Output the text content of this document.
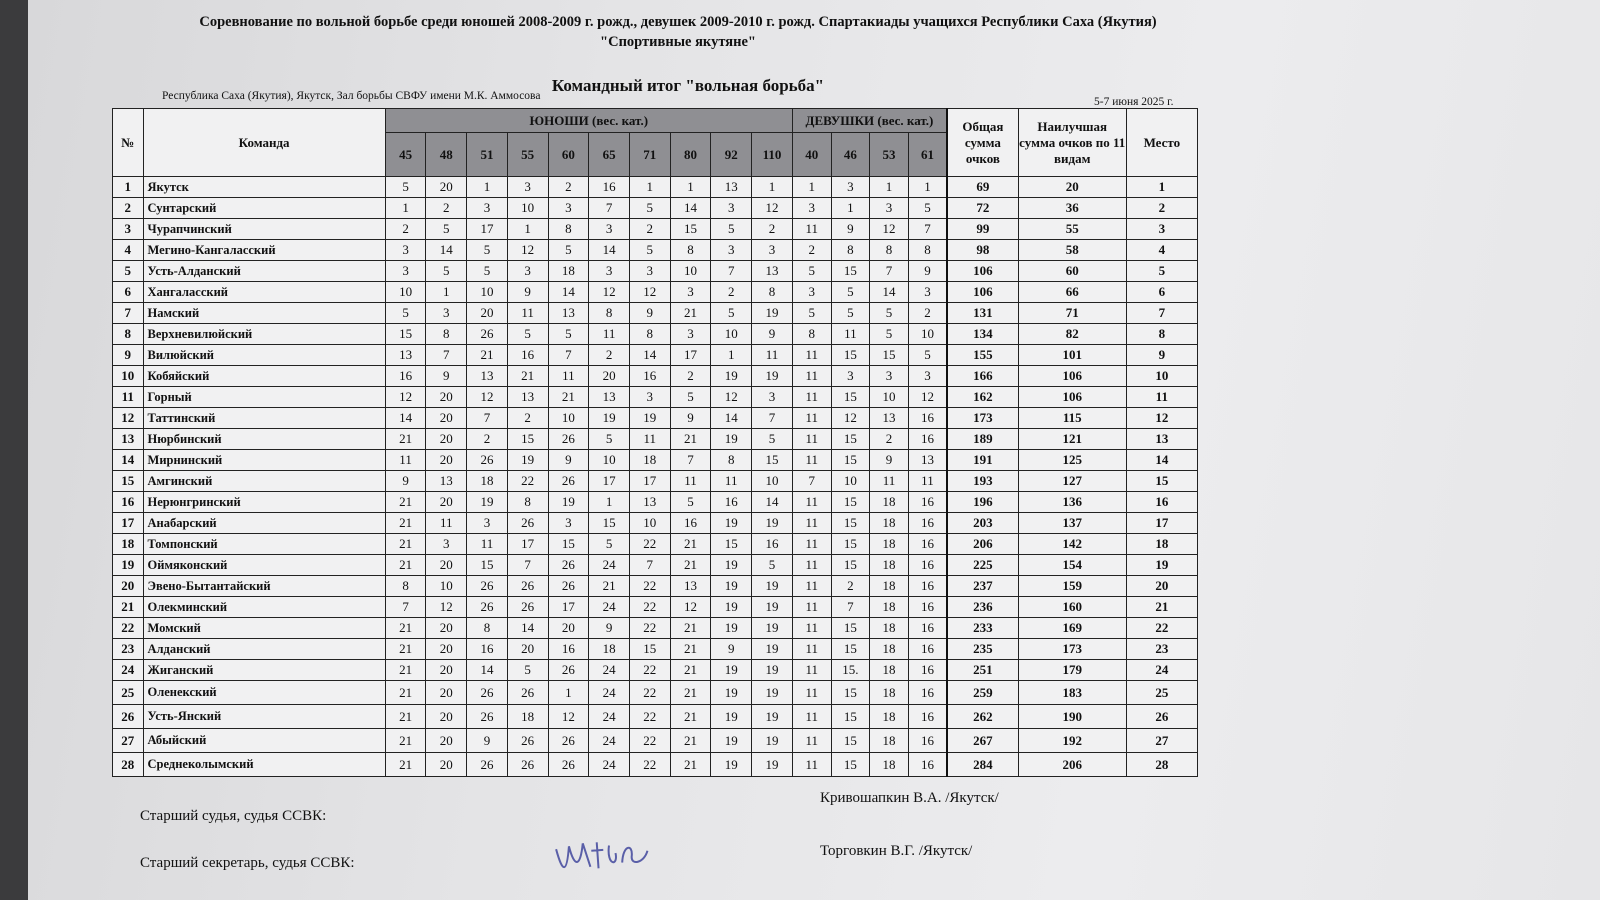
Соревнование по вольной борьбе среди юношей 2008-2009 г. рожд., девушек 2009-2010 г. рожд. Спартакиады учащихся Республики Саха (Якутия) "Спортивные якутяне"
Командный итог "вольная борьба"
Республика Саха (Якутия), Якутск, Зал борьбы СВФУ имени М.К. Аммосова	5-7 июня 2025 г.
№	Команда	ЮНОШИ (вес. кат.)										ДЕВУШКИ (вес. кат.)				Общая сумма очков	Наилучшая сумма очков по 11 видам	Место
		45	48	51	55	60	65	71	80	92	110	40	46	53	61			
1	Якутск	5	20	1	3	2	16	1	1	13	1	1	3	1	1	69	20	1
2	Сунтарский	1	2	3	10	3	7	5	14	3	12	3	1	3	5	72	36	2
3	Чурапчинский	2	5	17	1	8	3	2	15	5	2	11	9	12	7	99	55	3
4	Мегино-Кангаласский	3	14	5	12	5	14	5	8	3	3	2	8	8	8	98	58	4
5	Усть-Алданский	3	5	5	3	18	3	3	10	7	13	5	15	7	9	106	60	5
6	Хангаласский	10	1	10	9	14	12	12	3	2	8	3	5	14	3	106	66	6
7	Намский	5	3	20	11	13	8	9	21	5	19	5	5	5	2	131	71	7
8	Верхневилюйский	15	8	26	5	5	11	8	3	10	9	8	11	5	10	134	82	8
9	Вилюйский	13	7	21	16	7	2	14	17	1	11	11	15	15	5	155	101	9
10	Кобяйский	16	9	13	21	11	20	16	2	19	19	11	3	3	3	166	106	10
11	Горный	12	20	12	13	21	13	3	5	12	3	11	15	10	12	162	106	11
12	Таттинский	14	20	7	2	10	19	19	9	14	7	11	12	13	16	173	115	12
13	Нюрбинский	21	20	2	15	26	5	11	21	19	5	11	15	2	16	189	121	13
14	Мирнинский	11	20	26	19	9	10	18	7	8	15	11	15	9	13	191	125	14
15	Амгинский	9	13	18	22	26	17	17	11	11	10	7	10	11	11	193	127	15
16	Нерюнгринский	21	20	19	8	19	1	13	5	16	14	11	15	18	16	196	136	16
17	Анабарский	21	11	3	26	3	15	10	16	19	19	11	15	18	16	203	137	17
18	Томпонский	21	3	11	17	15	5	22	21	15	16	11	15	18	16	206	142	18
19	Оймяконский	21	20	15	7	26	24	7	21	19	5	11	15	18	16	225	154	19
20	Эвено-Бытантайский	8	10	26	26	26	21	22	13	19	19	11	2	18	16	237	159	20
21	Олекминский	7	12	26	26	17	24	22	12	19	19	11	7	18	16	236	160	21
22	Момский	21	20	8	14	20	9	22	21	19	19	11	15	18	16	233	169	22
23	Алданский	21	20	16	20	16	18	15	21	9	19	11	15	18	16	235	173	23
24	Жиганский	21	20	14	5	26	24	22	21	19	19	11	15.	18	16	251	179	24
25	Оленекский	21	20	26	26	1	24	22	21	19	19	11	15	18	16	259	183	25
26	Усть-Янский	21	20	26	18	12	24	22	21	19	19	11	15	18	16	262	190	26
27	Абыйский	21	20	9	26	26	24	22	21	19	19	11	15	18	16	267	192	27
28	Среднеколымский	21	20	26	26	26	24	22	21	19	19	11	15	18	16	284	206	28
Старший судья, судья ССВК:
Кривошапкин В.А. /Якутск/
Старший секретарь, судья ССВК:
Торговкин В.Г. /Якутск/
